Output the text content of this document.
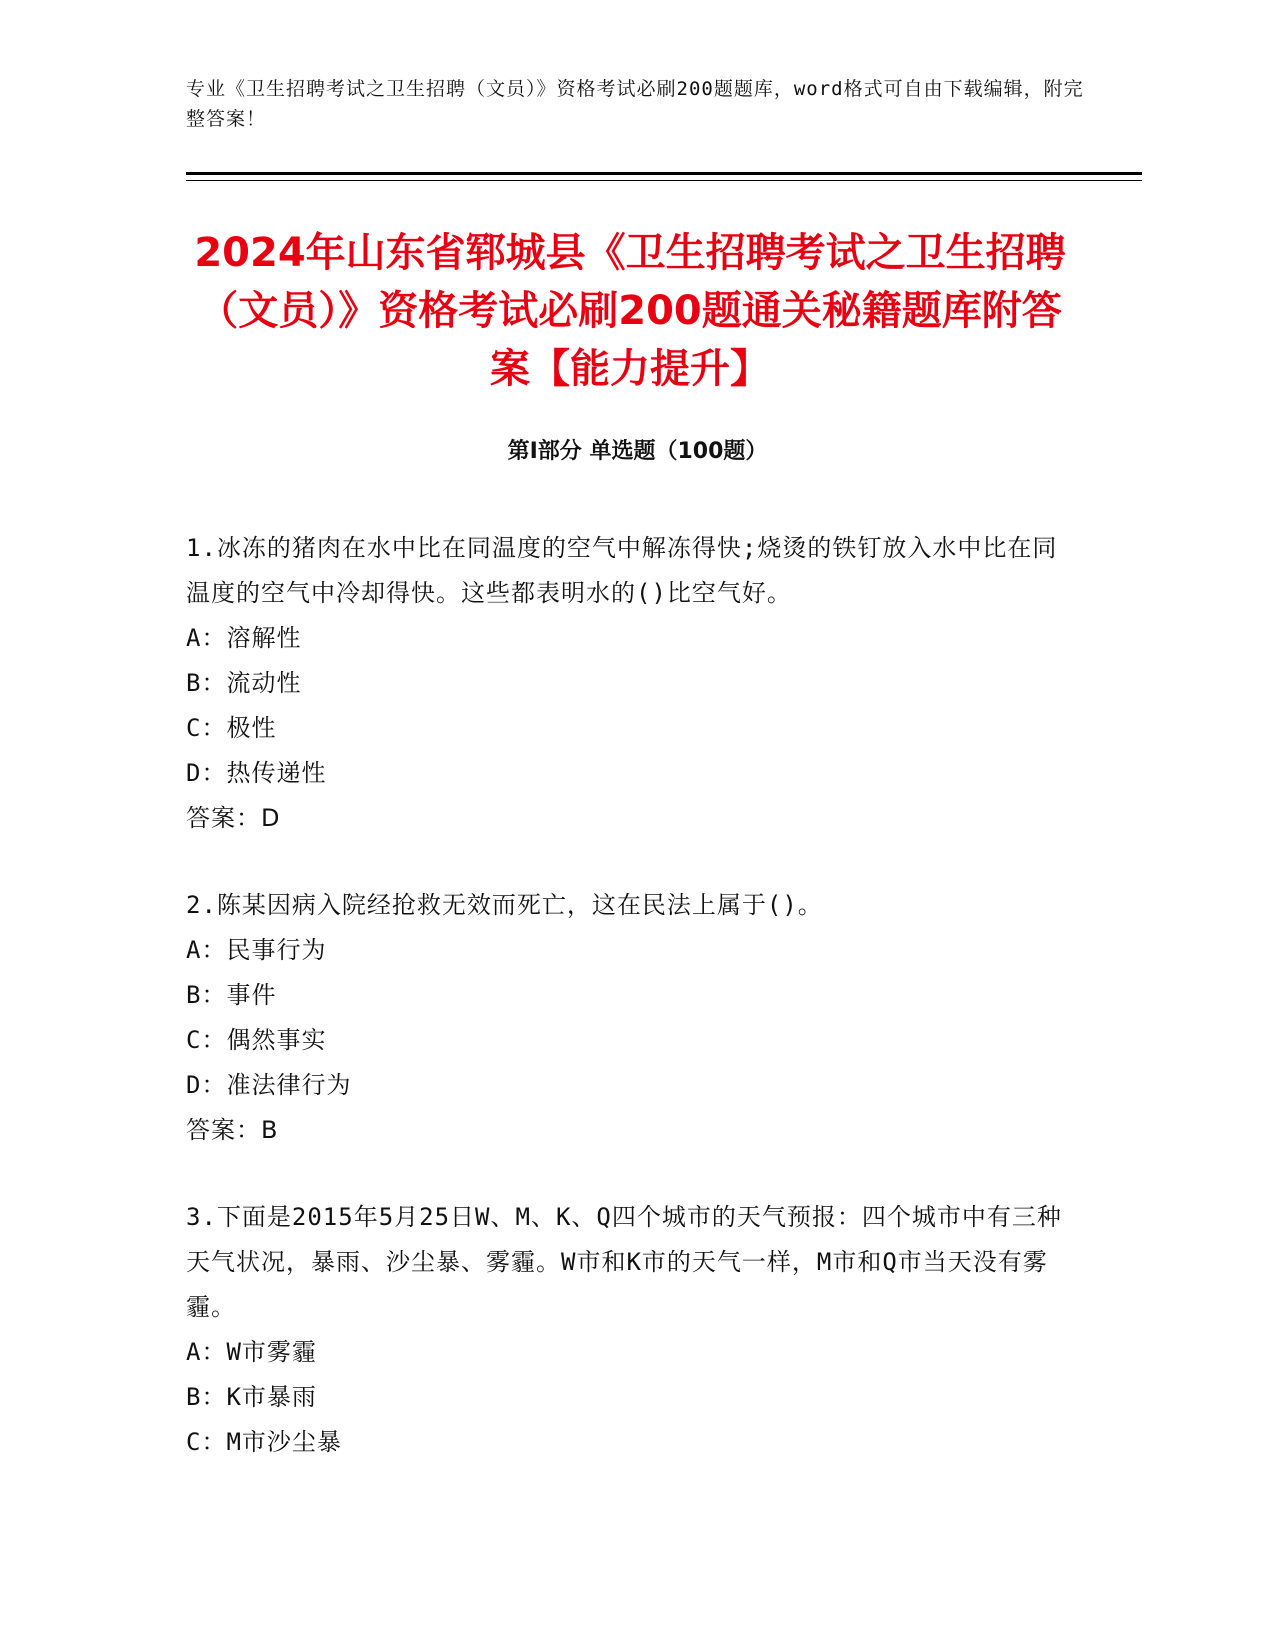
专业《卫生招聘考试之卫生招聘（文员）》资格考试必刷200题题库，word格式可自由下载编辑，附完整答案！
2024年山东省郓城县《卫生招聘考试之卫生招聘（文员）》资格考试必刷200题通关秘籍题库附答案【能力提升】
第Ⅰ部分 单选题（100题）

1.冰冻的猪肉在水中比在同温度的空气中解冻得快;烧烫的铁钉放入水中比在同温度的空气中冷却得快。这些都表明水的()比空气好。

A：溶解性

B：流动性

C：极性

D：热传递性

答案：D

2.陈某因病入院经抢救无效而死亡，这在民法上属于()。

A：民事行为

B：事件

C：偶然事实

D：准法律行为

答案：B

3.下面是2015年5月25日W、M、K、Q四个城市的天气预报：四个城市中有三种天气状况，暴雨、沙尘暴、雾霾。W市和K市的天气一样，M市和Q市当天没有雾霾。

A：W市雾霾

B：K市暴雨

C：M市沙尘暴
